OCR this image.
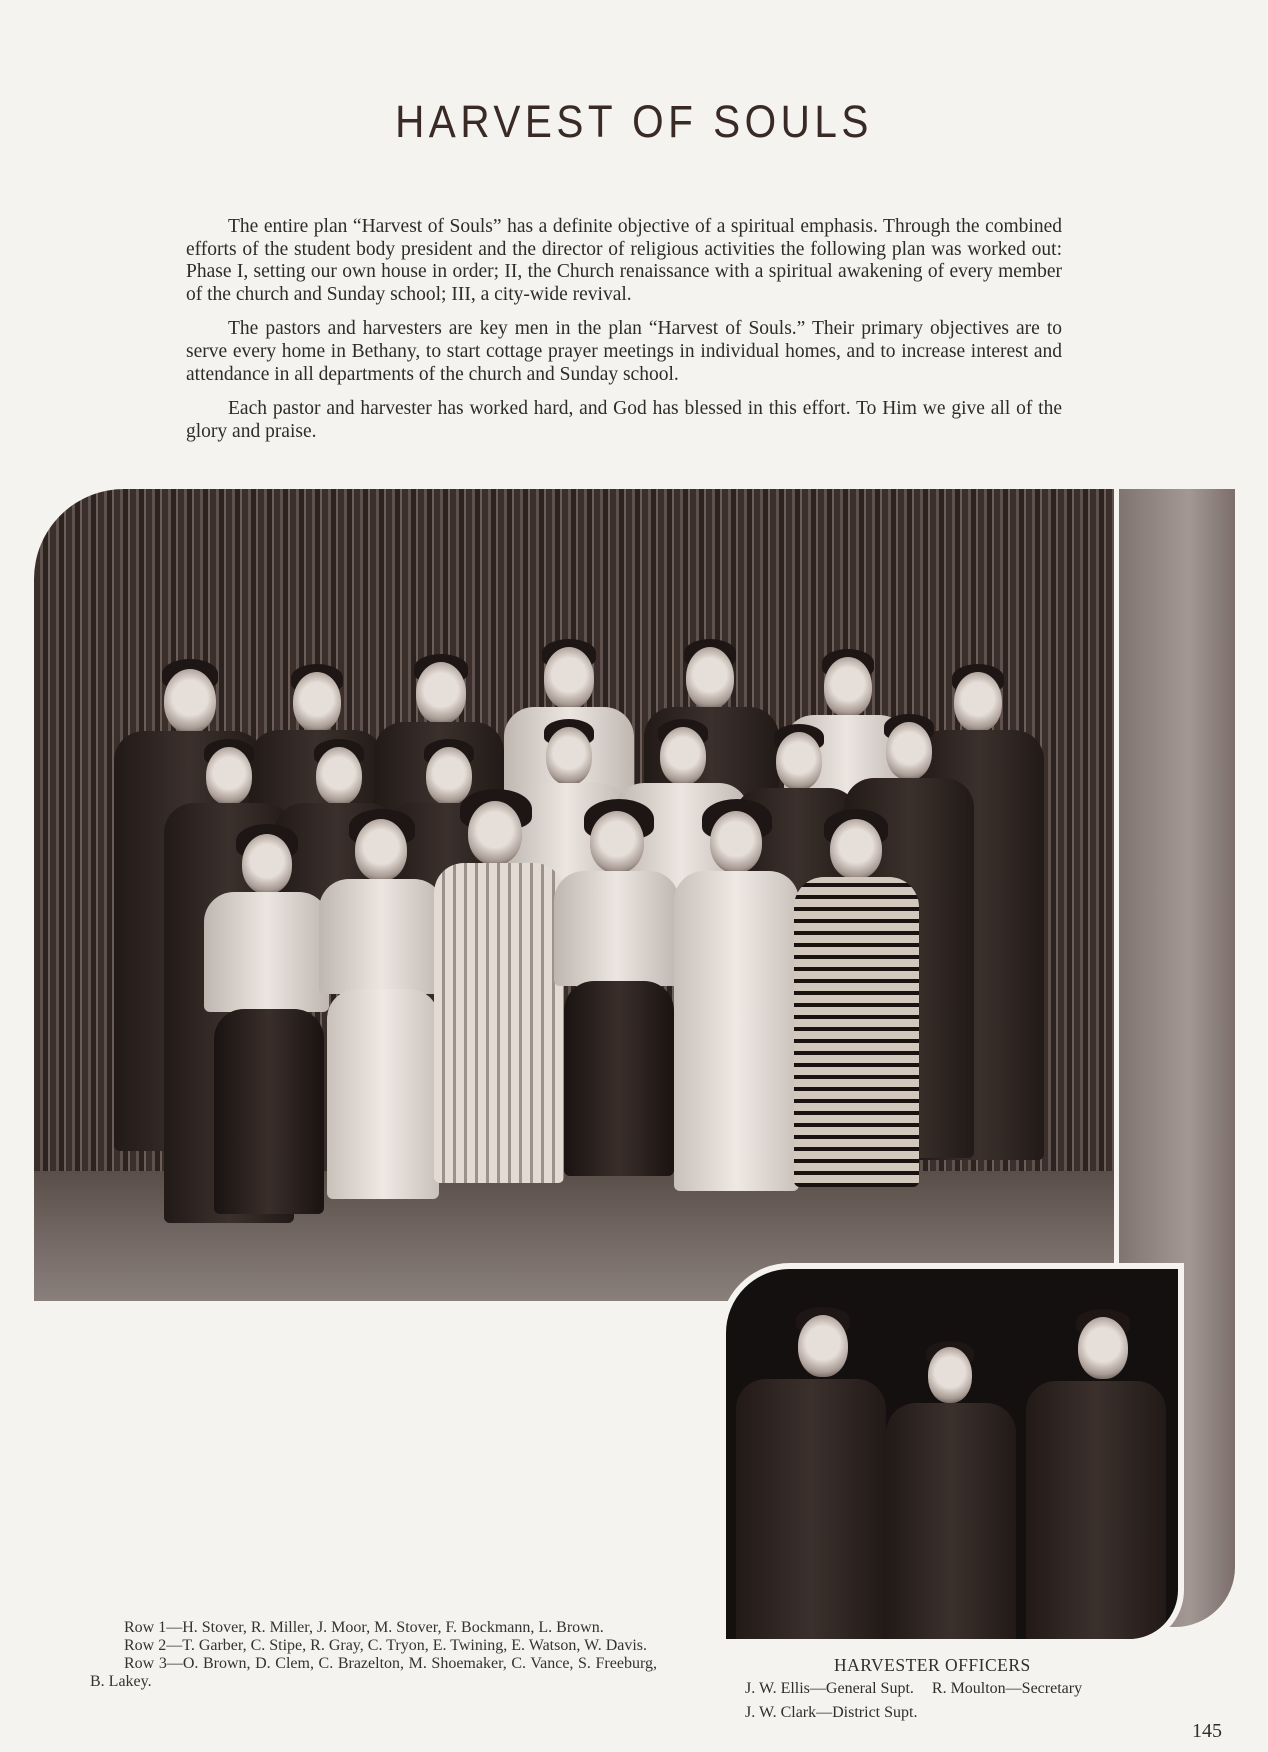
HARVEST OF SOULS

The entire plan “Harvest of Souls” has a definite objective of a spiritual emphasis. Through the combined efforts of the student body president and the director of religious activities the following plan was worked out: Phase I, setting our own house in order; II, the Church renaissance with a spiritual awakening of every member of the church and Sunday school; III, a city-wide revival.

The pastors and harvesters are key men in the plan “Harvest of Souls.” Their primary objectives are to serve every home in Bethany, to start cottage prayer meetings in individual homes, and to increase interest and attendance in all departments of the church and Sunday school.

Each pastor and harvester has worked hard, and God has blessed in this effort. To Him we give all of the glory and praise.

Row 1—H. Stover, R. Miller, J. Moor, M. Stover, F. Bockmann, L. Brown.

Row 2—T. Garber, C. Stipe, R. Gray, C. Tryon, E. Twining, E. Watson, W. Davis.

Row 3—O. Brown, D. Clem, C. Brazelton, M. Shoemaker, C. Vance, S. Freeburg, B. Lakey.

HARVESTER OFFICERS
J. W. Ellis—General Supt. R. Moulton—Secretary
J. W. Clark—District Supt.
145
